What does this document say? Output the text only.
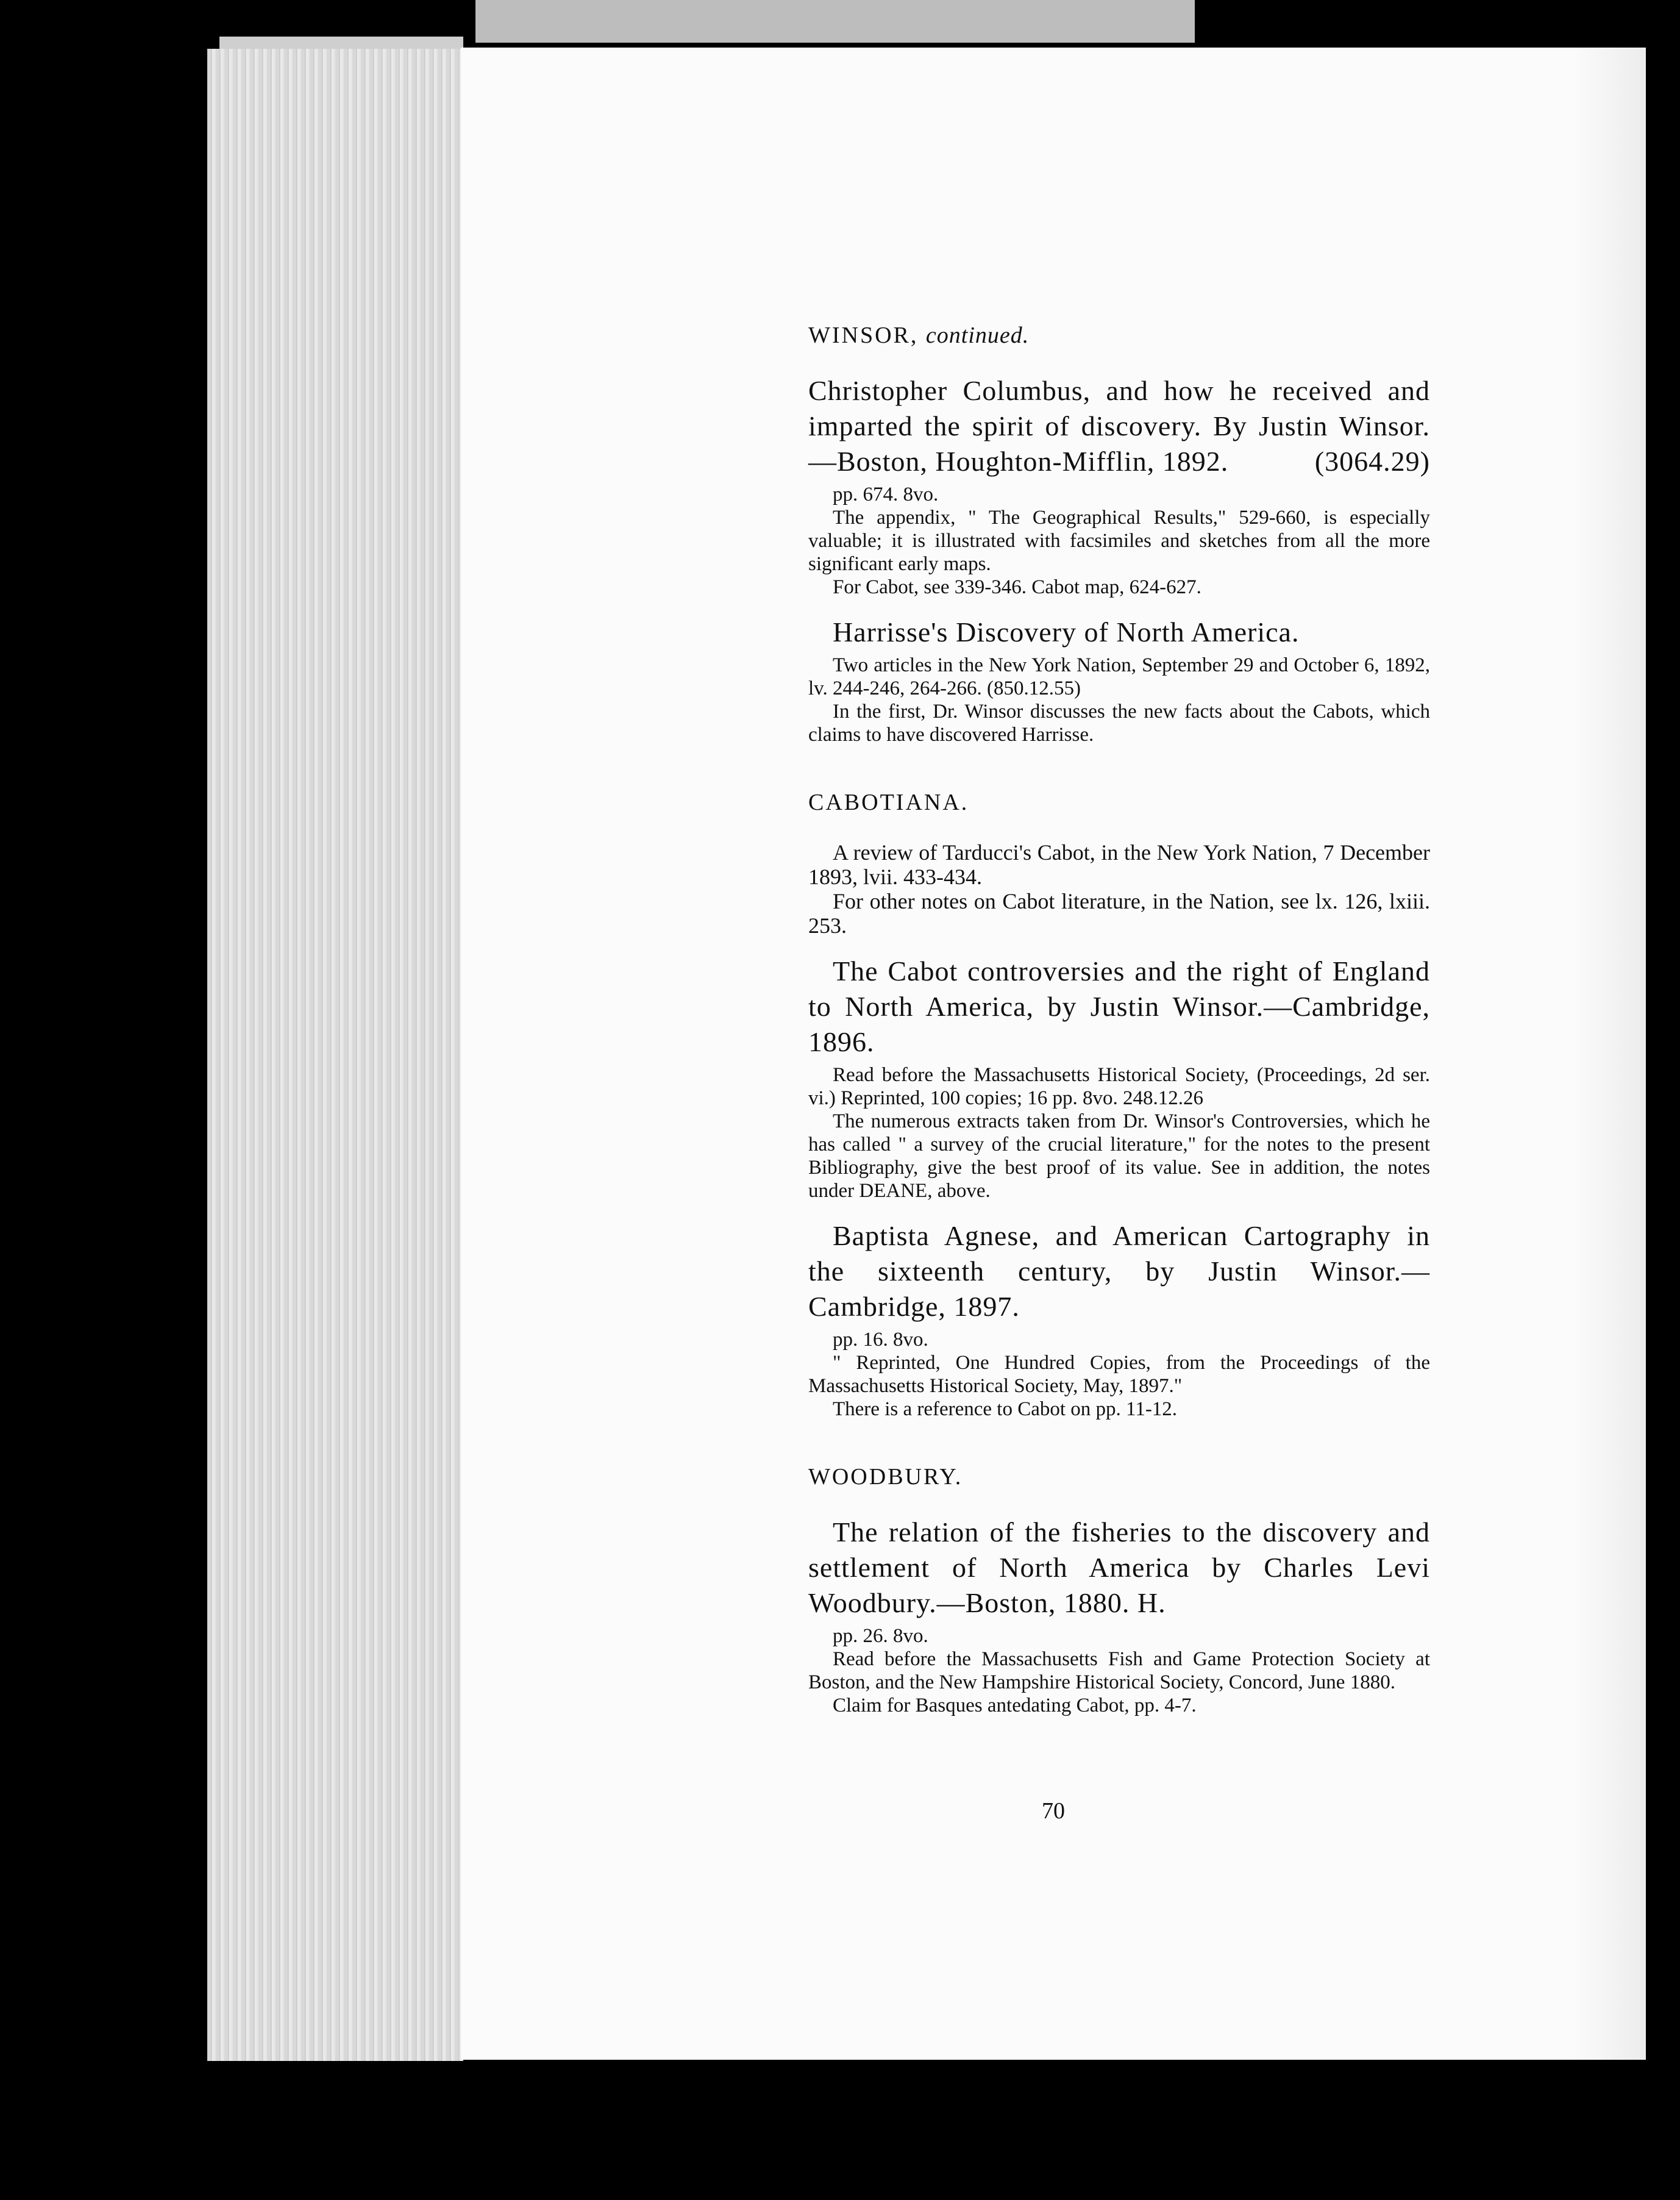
WINSOR, continued.
Christopher Columbus, and how he received and imparted the spirit of discovery. By Justin Winsor. —Boston, Houghton-Mifflin, 1892.	(3064.29)

pp. 674. 8vo.

The appendix, " The Geographical Results," 529-660, is especially valuable; it is illustrated with facsimiles and sketches from all the more significant early maps.

For Cabot, see 339-346. Cabot map, 624-627.

Harrisse's Discovery of North America.

Two articles in the New York Nation, September 29 and October 6, 1892, lv. 244-246, 264-266. (850.12.55)

In the first, Dr. Winsor discusses the new facts about the Cabots, which claims to have discovered Harrisse.

CABOTIANA.

A review of Tarducci's Cabot, in the New York Nation, 7 December 1893, lvii. 433-434.

For other notes on Cabot literature, in the Nation, see lx. 126, lxiii. 253.

The Cabot controversies and the right of England to North America, by Justin Winsor.—Cambridge, 1896.

Read before the Massachusetts Historical Society, (Proceedings, 2d ser. vi.) Reprinted, 100 copies; 16 pp. 8vo. 248.12.26

The numerous extracts taken from Dr. Winsor's Controversies, which he has called " a survey of the crucial literature," for the notes to the present Bibliography, give the best proof of its value. See in addition, the notes under DEANE, above.

Baptista Agnese, and American Cartography in the sixteenth century, by Justin Winsor.—Cambridge, 1897.

pp. 16. 8vo.

" Reprinted, One Hundred Copies, from the Proceedings of the Massachusetts Historical Society, May, 1897."

There is a reference to Cabot on pp. 11-12.

WOODBURY.
The relation of the fisheries to the discovery and settlement of North America by Charles Levi Woodbury.—Boston, 1880. H.

pp. 26. 8vo.

Read before the Massachusetts Fish and Game Protection Society at Boston, and the New Hampshire Historical Society, Concord, June 1880.

Claim for Basques antedating Cabot, pp. 4-7.

70
